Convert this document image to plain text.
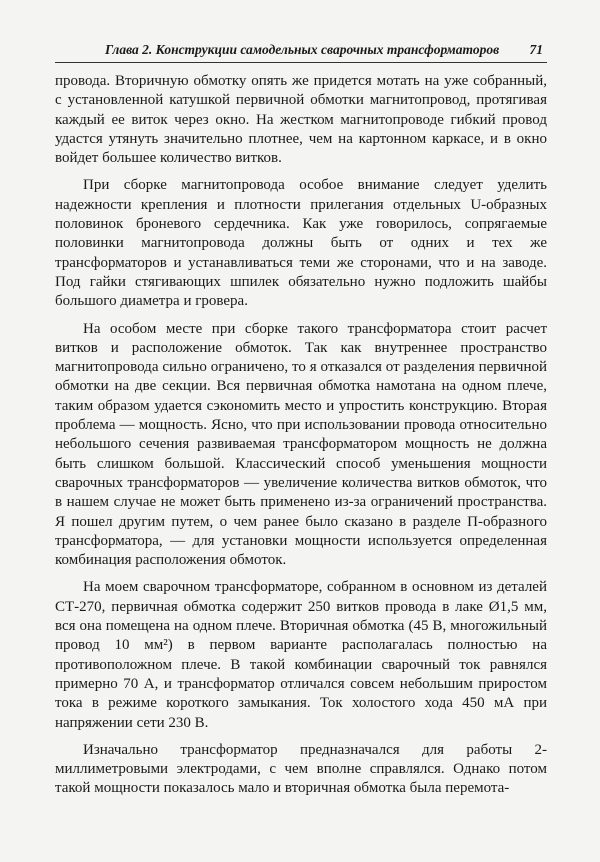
Глава 2. Конструкции самодельных сварочных трансформаторов 71

провода. Вторичную обмотку опять же придется мотать на уже собранный, с установленной катушкой первичной обмотки магнитопровод, протягивая каждый ее виток через окно. На жестком магнитопроводе гибкий провод удастся утянуть значительно плотнее, чем на картонном каркасе, и в окно войдет большее количество витков.

При сборке магнитопровода особое внимание следует уделить надежности крепления и плотности прилегания отдельных U-образных половинок броневого сердечника. Как уже говорилось, сопрягаемые половинки магнитопровода должны быть от одних и тех же трансформаторов и устанавливаться теми же сторонами, что и на заводе. Под гайки стягивающих шпилек обязательно нужно подложить шайбы большого диаметра и гровера.

На особом месте при сборке такого трансформатора стоит расчет витков и расположение обмоток. Так как внутреннее пространство магнитопровода сильно ограничено, то я отказался от разделения первичной обмотки на две секции. Вся первичная обмотка намотана на одном плече, таким образом удается сэкономить место и упростить конструкцию. Вторая проблема — мощность. Ясно, что при использовании провода относительно небольшого сечения развиваемая трансформатором мощность не должна быть слишком большой. Классический способ уменьшения мощности сварочных трансформаторов — увеличение количества витков обмоток, что в нашем случае не может быть применено из-за ограничений пространства. Я пошел другим путем, о чем ранее было сказано в разделе П-образного трансформатора, — для установки мощности используется определенная комбинация расположения обмоток.

На моем сварочном трансформаторе, собранном в основном из деталей СТ-270, первичная обмотка содержит 250 витков провода в лаке Ø1,5 мм, вся она помещена на одном плече. Вторичная обмотка (45 В, многожильный провод 10 мм²) в первом варианте располагалась полностью на противоположном плече. В такой комбинации сварочный ток равнялся примерно 70 А, и трансформатор отличался совсем небольшим приростом тока в режиме короткого замыкания. Ток холостого хода 450 мА при напряжении сети 230 В.

Изначально трансформатор предназначался для работы 2-миллиметровыми электродами, с чем вполне справлялся. Однако потом такой мощности показалось мало и вторичная обмотка была перемота-
